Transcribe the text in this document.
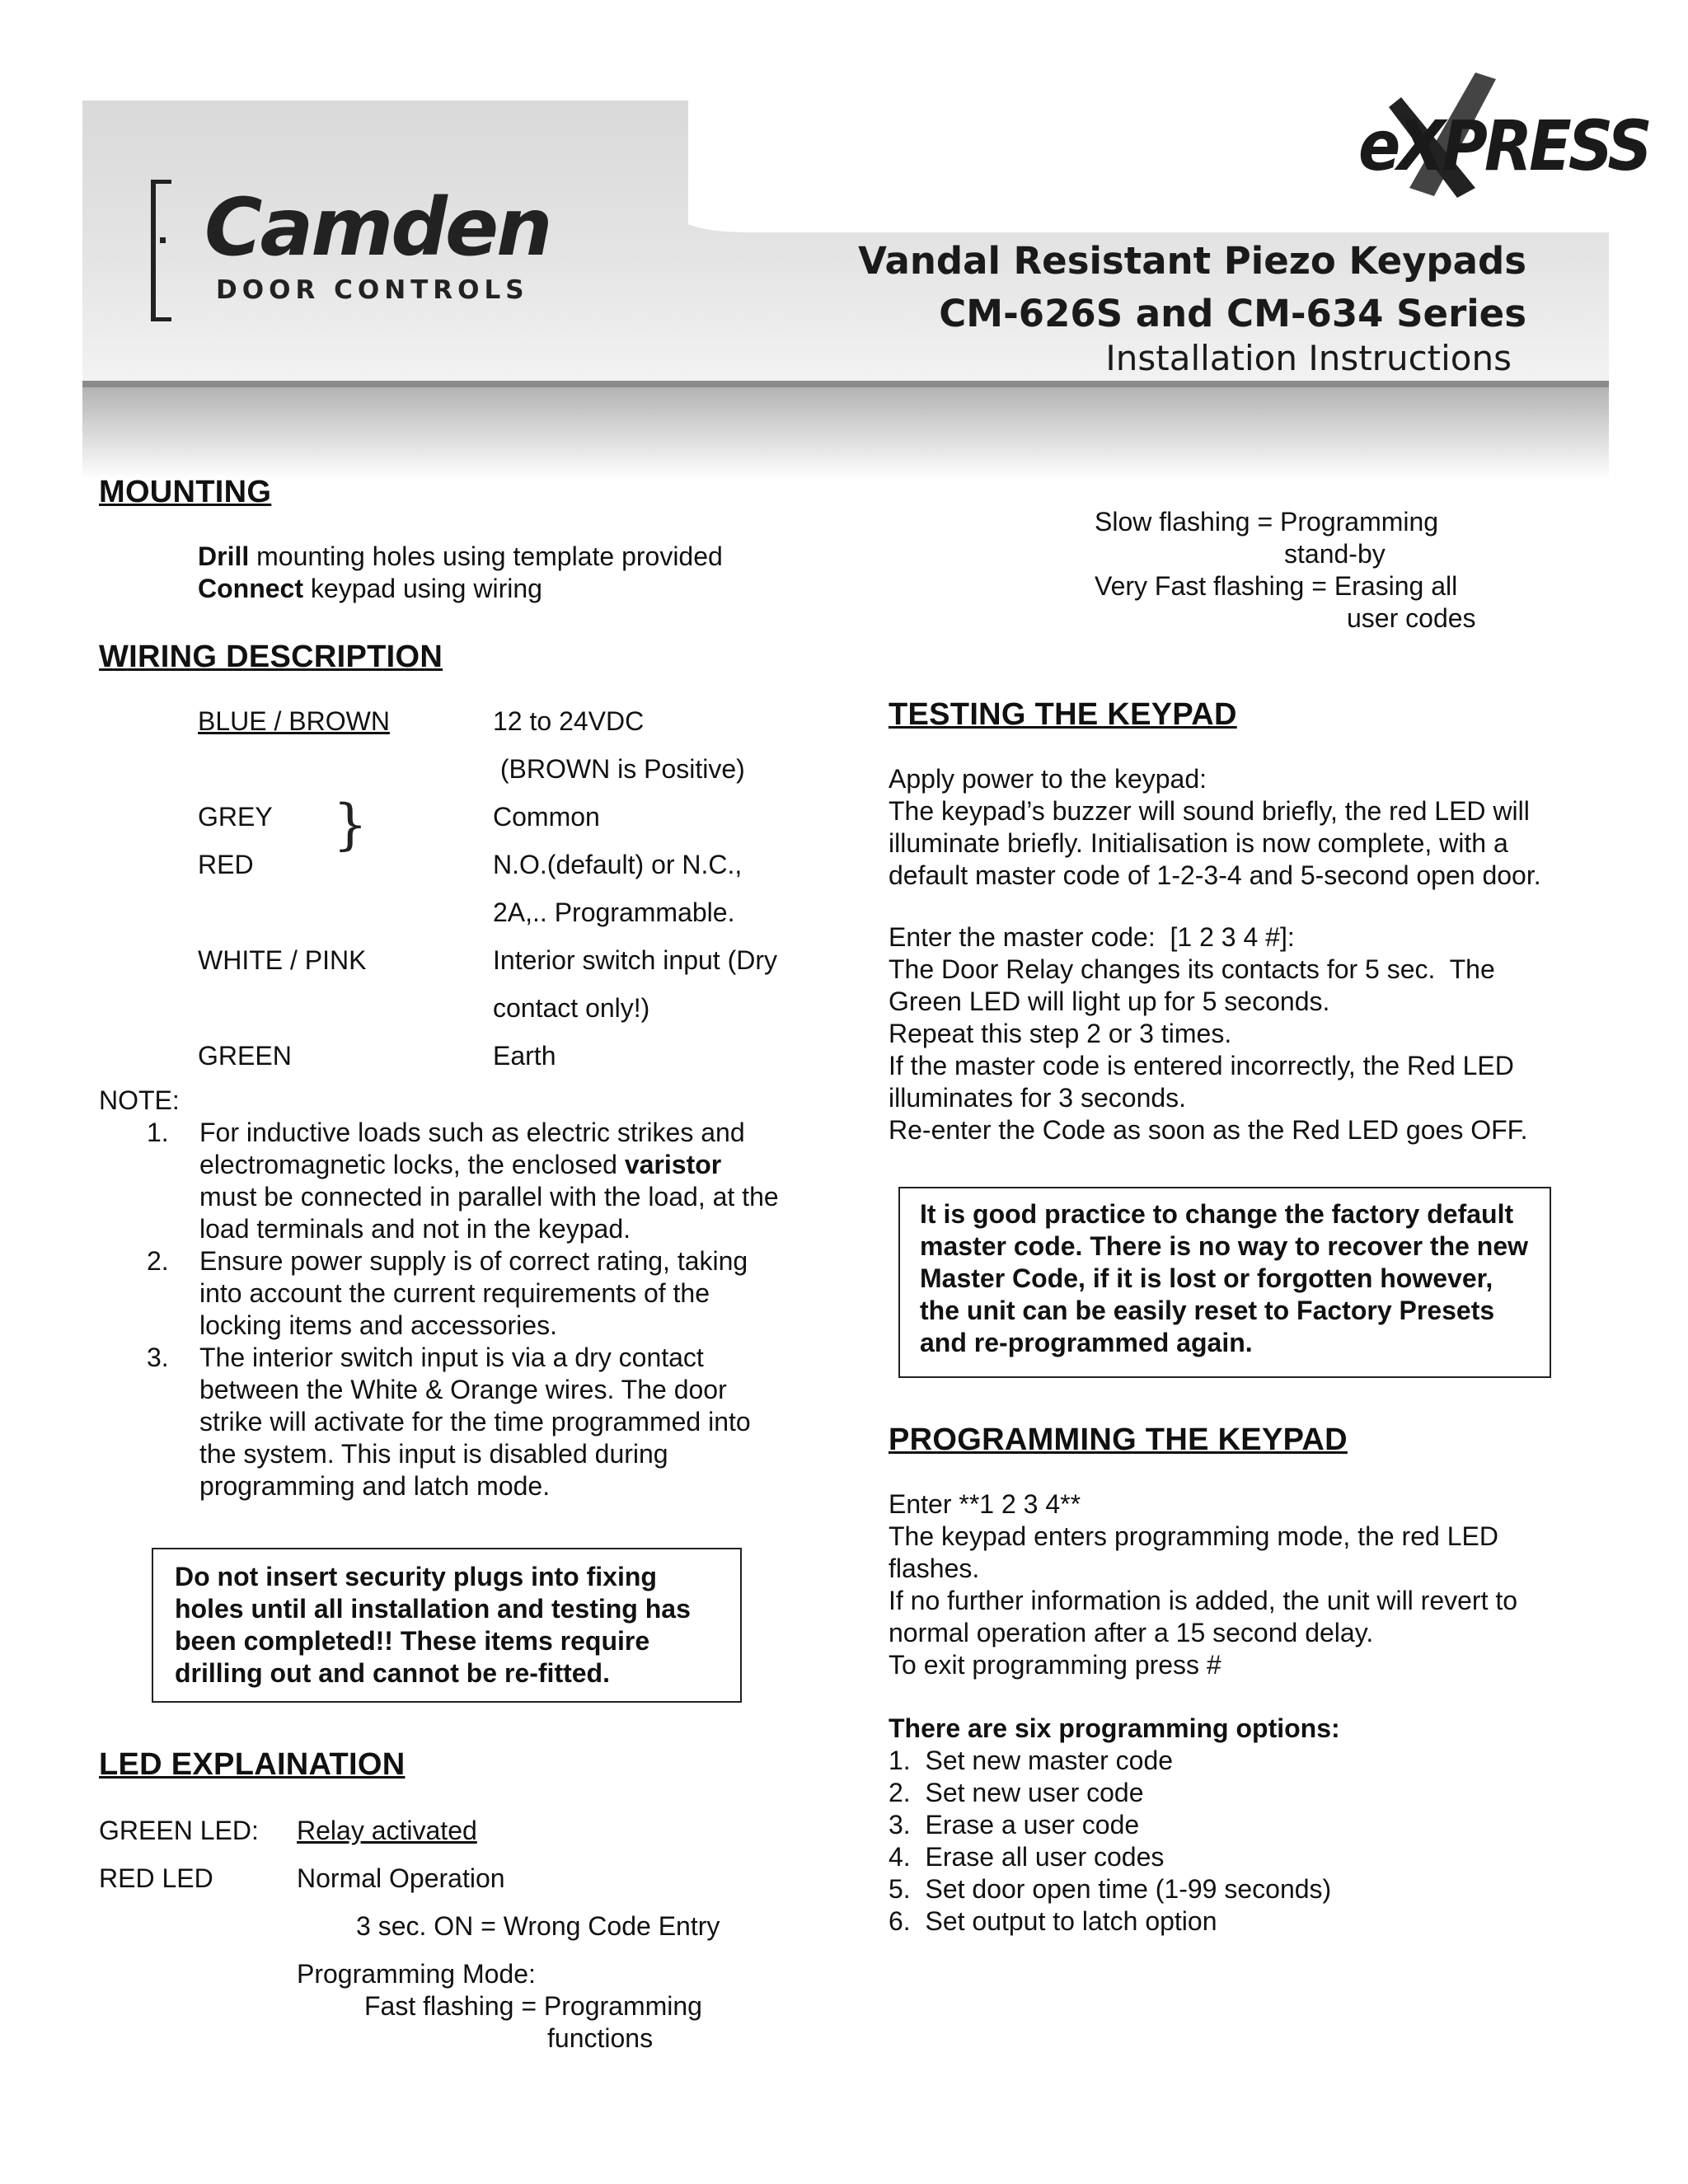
Camden
DOOR CONTROLS
eXPRESS
Vandal Resistant Piezo Keypads
CM-626S and CM-634 Series
Installation Instructions
MOUNTING
Drill mounting holes using template provided
Connect keypad using wiring
WIRING DESCRIPTION
BLUE / BROWN	12 to 24VDC
(BROWN is Positive)
GREY	Common
}
RED	N.O.(default) or N.C.,
2A,.. Programmable.
WHITE / PINK	Interior switch input (Dry
contact only!)
GREEN	Earth
NOTE:
1. For inductive loads such as electric strikes and electromagnetic locks, the enclosed varistor must be connected in parallel with the load, at the load terminals and not in the keypad.
2. Ensure power supply is of correct rating, taking into account the current requirements of the locking items and accessories.
3. The interior switch input is via a dry contact between the White & Orange wires. The door strike will activate for the time programmed into the system. This input is disabled during programming and latch mode.
Do not insert security plugs into fixing holes until all installation and testing has been completed!! These items require drilling out and cannot be re-fitted.
LED EXPLAINATION
GREEN LED: Relay activated
RED LED	Normal Operation
3 sec. ON = Wrong Code Entry
Programming Mode:
Fast flashing = Programming
functions
Slow flashing = Programming
stand-by
Very Fast flashing = Erasing all
user codes
TESTING THE KEYPAD
Apply power to the keypad:
The keypad’s buzzer will sound briefly, the red LED will
illuminate briefly. Initialisation is now complete, with a
default master code of 1-2-3-4 and 5-second open door.
Enter the master code:  [1 2 3 4 #]:
The Door Relay changes its contacts for 5 sec.  The
Green LED will light up for 5 seconds.
Repeat this step 2 or 3 times.
If the master code is entered incorrectly, the Red LED
illuminates for 3 seconds.
Re-enter the Code as soon as the Red LED goes OFF.
It is good practice to change the factory default master code. There is no way to recover the new Master Code, if it is lost or forgotten however, the unit can be easily reset to Factory Presets and re-programmed again.
PROGRAMMING THE KEYPAD
Enter **1 2 3 4**
The keypad enters programming mode, the red LED
flashes.
If no further information is added, the unit will revert to
normal operation after a 15 second delay.
To exit programming press #
There are six programming options:
1.  Set new master code
2.  Set new user code
3.  Erase a user code
4.  Erase all user codes
5.  Set door open time (1-99 seconds)
6.  Set output to latch option
